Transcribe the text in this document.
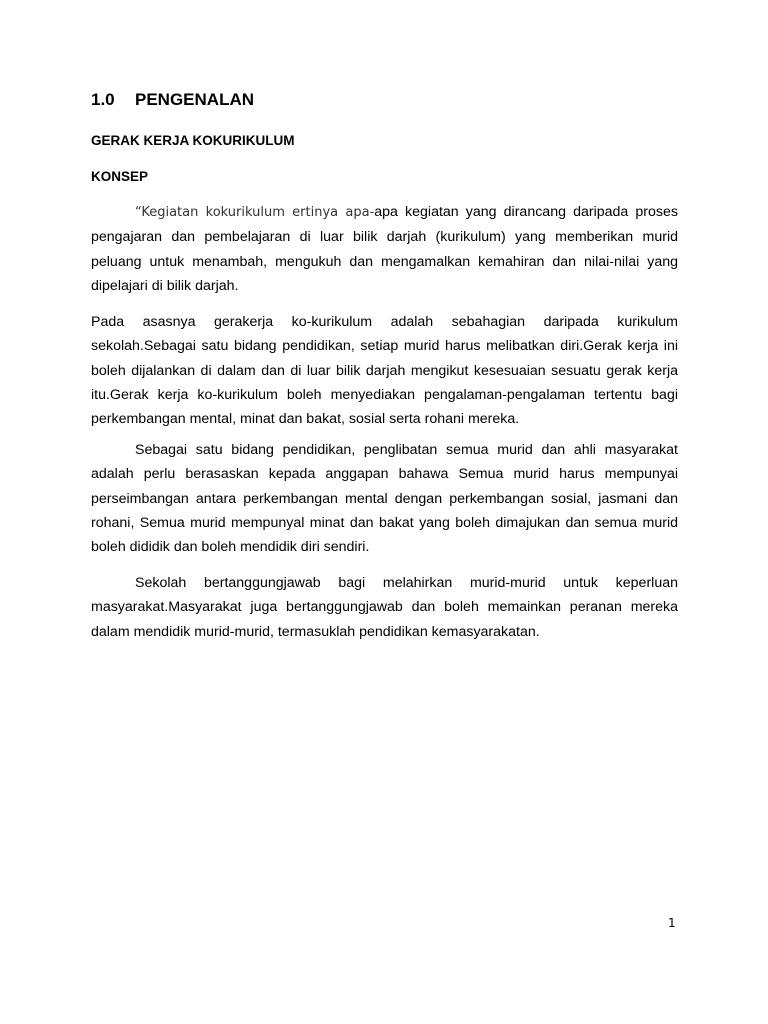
1.0 PENGENALAN
GERAK KERJA KOKURIKULUM
KONSEP

“Kegiatan kokurikulum ertinya apa-apa kegiatan yang dirancang daripada proses pengajaran dan pembelajaran di luar bilik darjah (kurikulum) yang memberikan murid peluang untuk menambah, mengukuh dan mengamalkan kemahiran dan nilai-nilai yang dipelajari di bilik darjah.

Pada asasnya gerakerja ko-kurikulum adalah sebahagian daripada kurikulum sekolah.Sebagai satu bidang pendidikan, setiap murid harus melibatkan diri.Gerak kerja ini boleh dijalankan di dalam dan di luar bilik darjah mengikut kesesuaian sesuatu gerak kerja itu.Gerak kerja ko-kurikulum boleh menyediakan pengalaman-pengalaman tertentu bagi perkembangan mental, minat dan bakat, sosial serta rohani mereka.

Sebagai satu bidang pendidikan, penglibatan semua murid dan ahli masyarakat adalah perlu berasaskan kepada anggapan bahawa Semua murid harus mempunyai perseimbangan antara perkembangan mental dengan perkembangan sosial, jasmani dan rohani, Semua murid mempunyal minat dan bakat yang boleh dimajukan dan semua murid boleh dididik dan boleh mendidik diri sendiri.

Sekolah bertanggungjawab bagi melahirkan murid-murid untuk keperluan masyarakat.Masyarakat juga bertanggungjawab dan boleh memainkan peranan mereka dalam mendidik murid-murid, termasuklah pendidikan kemasyarakatan.

1
